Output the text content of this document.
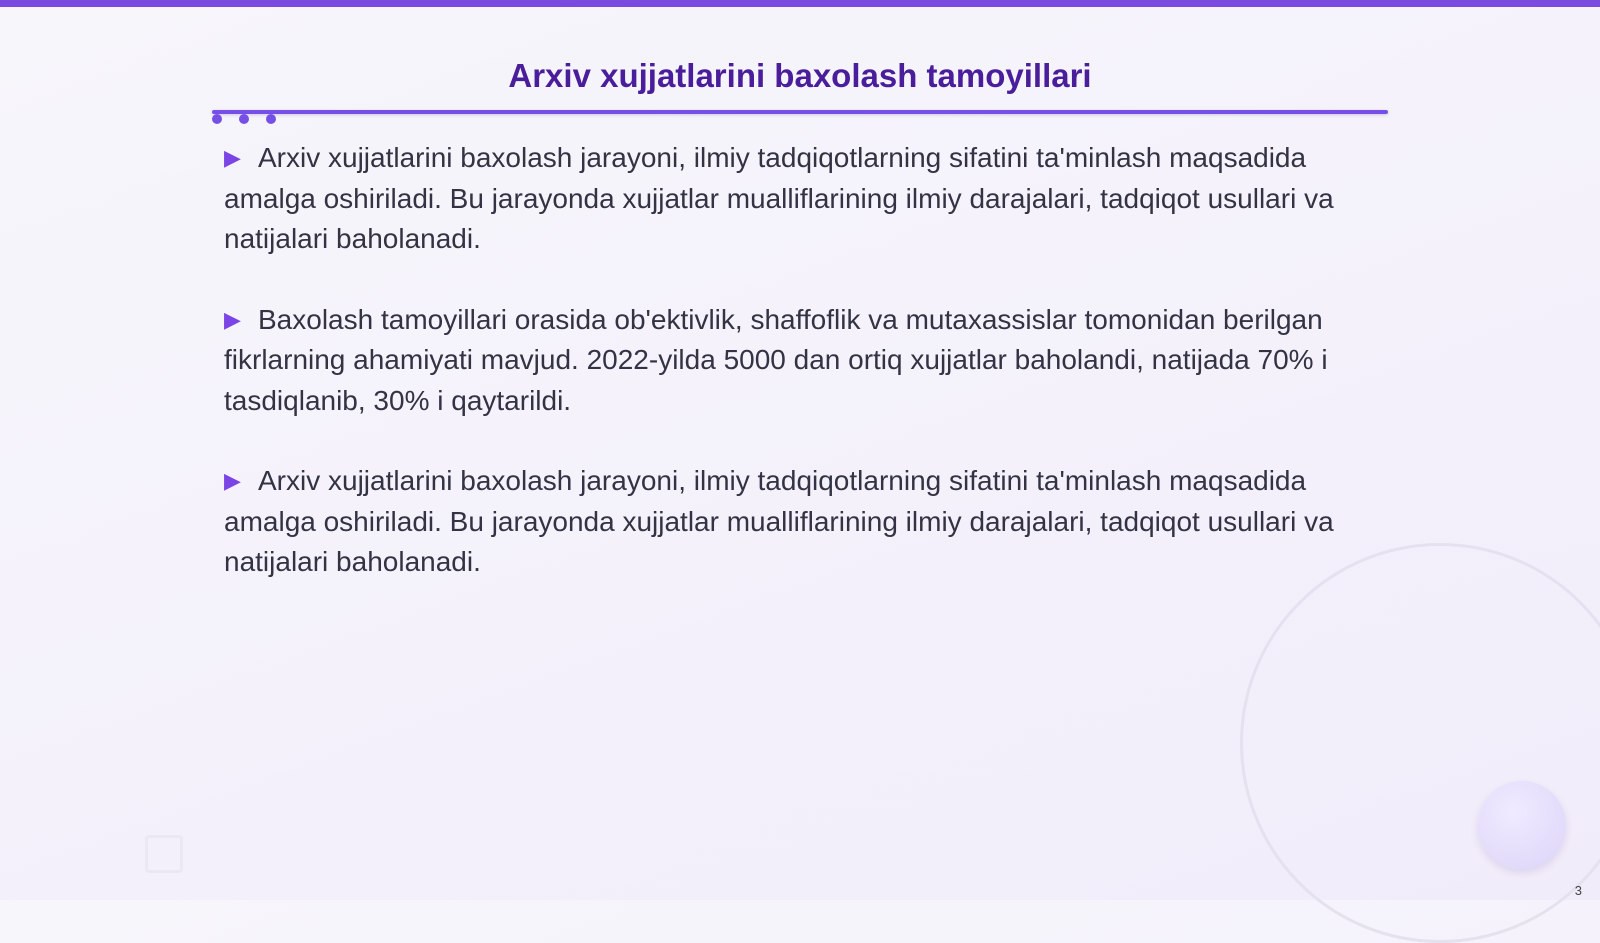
Arxiv xujjatlarini baxolash tamoyillari
▶ Arxiv xujjatlarini baxolash jarayoni, ilmiy tadqiqotlarning sifatini ta'minlash maqsadida amalga oshiriladi. Bu jarayonda xujjatlar mualliflarining ilmiy darajalari, tadqiqot usullari va natijalari baholanadi.
▶ Baxolash tamoyillari orasida ob'ektivlik, shaffoflik va mutaxassislar tomonidan berilgan fikrlarning ahamiyati mavjud. 2022-yilda 5000 dan ortiq xujjatlar baholandi, natijada 70% i tasdiqlanib, 30% i qaytarildi.
▶ Arxiv xujjatlarini baxolash jarayoni, ilmiy tadqiqotlarning sifatini ta'minlash maqsadida amalga oshiriladi. Bu jarayonda xujjatlar mualliflarining ilmiy darajalari, tadqiqot usullari va natijalari baholanadi.
3
